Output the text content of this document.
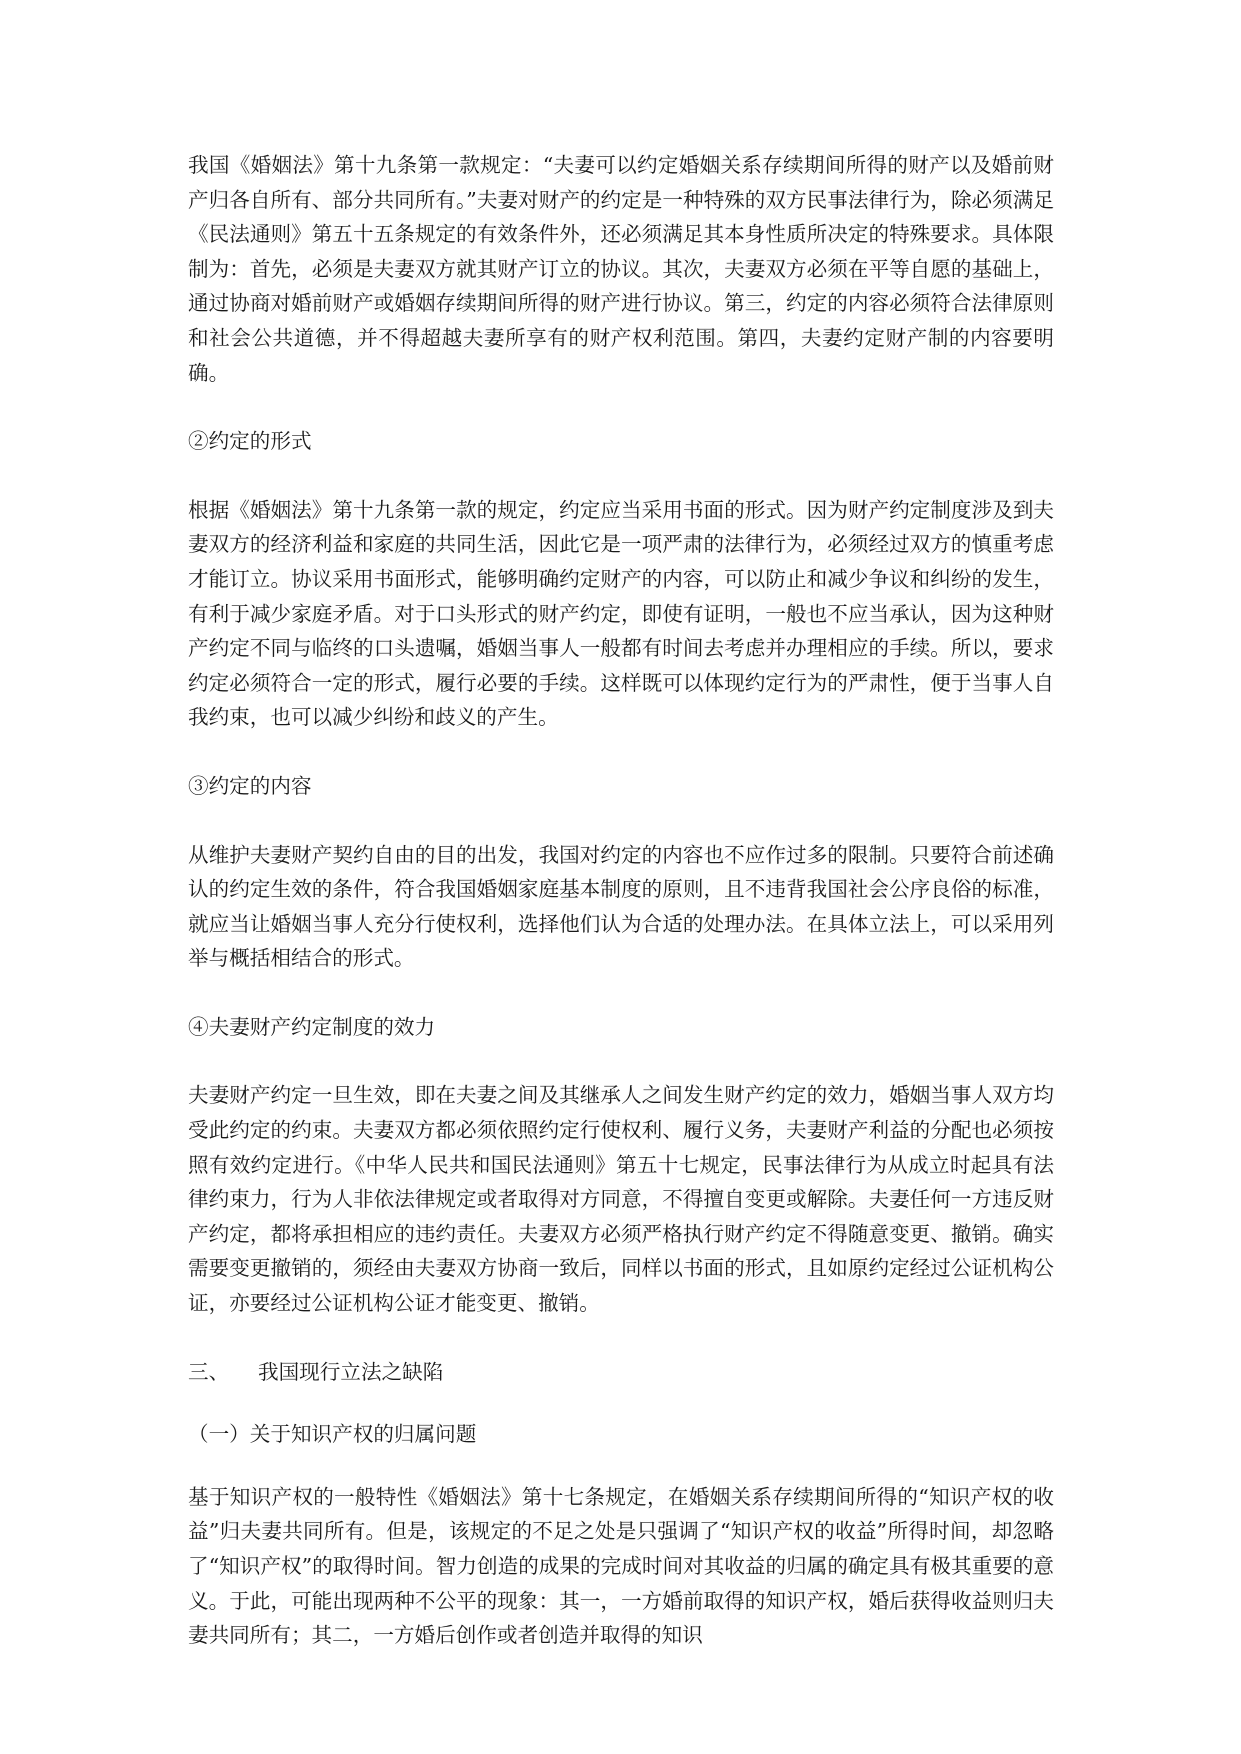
我国《婚姻法》第十九条第一款规定：“夫妻可以约定婚姻关系存续期间所得的财产以及婚前财产归各自所有、部分共同所有。”夫妻对财产的约定是一种特殊的双方民事法律行为，除必须满足《民法通则》第五十五条规定的有效条件外，还必须满足其本身性质所决定的特殊要求。具体限制为：首先，必须是夫妻双方就其财产订立的协议。其次，夫妻双方必须在平等自愿的基础上，通过协商对婚前财产或婚姻存续期间所得的财产进行协议。第三，约定的内容必须符合法律原则和社会公共道德，并不得超越夫妻所享有的财产权利范围。第四，夫妻约定财产制的内容要明确。

②约定的形式

根据《婚姻法》第十九条第一款的规定，约定应当采用书面的形式。因为财产约定制度涉及到夫妻双方的经济利益和家庭的共同生活，因此它是一项严肃的法律行为，必须经过双方的慎重考虑才能订立。协议采用书面形式，能够明确约定财产的内容，可以防止和减少争议和纠纷的发生，有利于减少家庭矛盾。对于口头形式的财产约定，即使有证明，一般也不应当承认，因为这种财产约定不同与临终的口头遗嘱，婚姻当事人一般都有时间去考虑并办理相应的手续。所以，要求约定必须符合一定的形式，履行必要的手续。这样既可以体现约定行为的严肃性，便于当事人自我约束，也可以减少纠纷和歧义的产生。

③约定的内容

从维护夫妻财产契约自由的目的出发，我国对约定的内容也不应作过多的限制。只要符合前述确认的约定生效的条件，符合我国婚姻家庭基本制度的原则，且不违背我国社会公序良俗的标准，就应当让婚姻当事人充分行使权利，选择他们认为合适的处理办法。在具体立法上，可以采用列举与概括相结合的形式。

④夫妻财产约定制度的效力

夫妻财产约定一旦生效，即在夫妻之间及其继承人之间发生财产约定的效力，婚姻当事人双方均受此约定的约束。夫妻双方都必须依照约定行使权利、履行义务，夫妻财产利益的分配也必须按照有效约定进行。《中华人民共和国民法通则》第五十七规定，民事法律行为从成立时起具有法律约束力，行为人非依法律规定或者取得对方同意，不得擅自变更或解除。夫妻任何一方违反财产约定，都将承担相应的违约责任。夫妻双方必须严格执行财产约定不得随意变更、撤销。确实需要变更撤销的，须经由夫妻双方协商一致后，同样以书面的形式，且如原约定经过公证机构公证，亦要经过公证机构公证才能变更、撤销。

三、 我国现行立法之缺陷

（一）关于知识产权的归属问题

基于知识产权的一般特性《婚姻法》第十七条规定，在婚姻关系存续期间所得的“知识产权的收益”归夫妻共同所有。但是，该规定的不足之处是只强调了“知识产权的收益”所得时间，却忽略了“知识产权”的取得时间。智力创造的成果的完成时间对其收益的归属的确定具有极其重要的意义。于此，可能出现两种不公平的现象：其一，一方婚前取得的知识产权，婚后获得收益则归夫妻共同所有；其二，一方婚后创作或者创造并取得的知识
